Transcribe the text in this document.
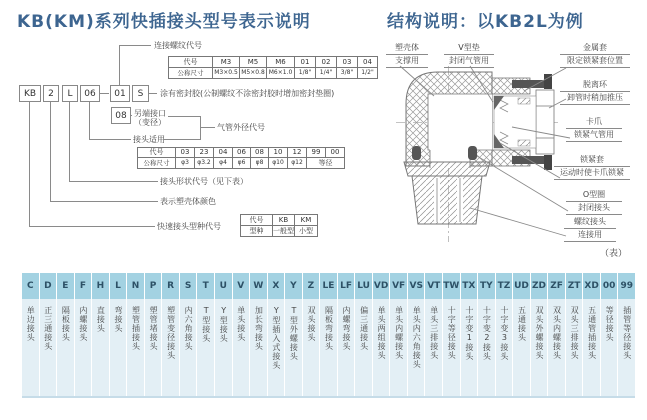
KB(KM)系列快插接头型号表示说明	结构说明：以KB2L为例
KB	2	L	06	01	S
08
连接螺纹代号
涂有密封胶(公制螺纹不涂密封胶时增加密封垫圈)
另端接口
（变径）
气管外径代号
接头适用
接头形状代号（见下表）
表示塑壳体颜色
快速接头型种代号
代号	M3	M5	M6	01	02	03	04
公称尺寸	M3×0.5 M5×0.8 M6×1.0	1/8"	1/4"	3/8"	1/2"
代号	03	23	04	06	08	10	12	99	00
公称尺寸	φ3	φ3.2	φ4	φ6	φ8	φ10	φ12	等径
代号	KB	KM
型种	一般型 小型
塑壳体
支撑用
V型垫
封闭气管用
金属套
限定锁紧套位置
脱离环
卸管时稍加推压
卡爪
锁紧气管用
锁紧套
运动时使卡爪锁紧
O型圈
封闭接头
螺纹接头
连接用
（表）
C
单边接头
D
正三通接头
E
隔板接头
F
内螺接头
H
直接头
L
弯接头
N
塑管插接头
P
塑管堵接头
R
塑管变径接头
S
内六角接头
T
T型接头
U
Y型接头
V
单头接头
W
加长弯接头
X
Y型插入式接头
Y
T型外螺接头
Z
双头接头
LE
隔板弯接头
LF
内螺弯接头
LU
偏三通接头
VD
单头两组接头
VF
单头内螺接头
VS
单头内六角接头
VT
单头三排接头
TW
十字等径接头
TX
十字变1接头
TY
十字变2接头
TZ
十字变3接头
UD
五通接头
ZD
双头外螺接头
ZF
双头内螺接头
ZT
双头三排接头
XD
五通管插接头
00
等径接头
99
插管等径接头
